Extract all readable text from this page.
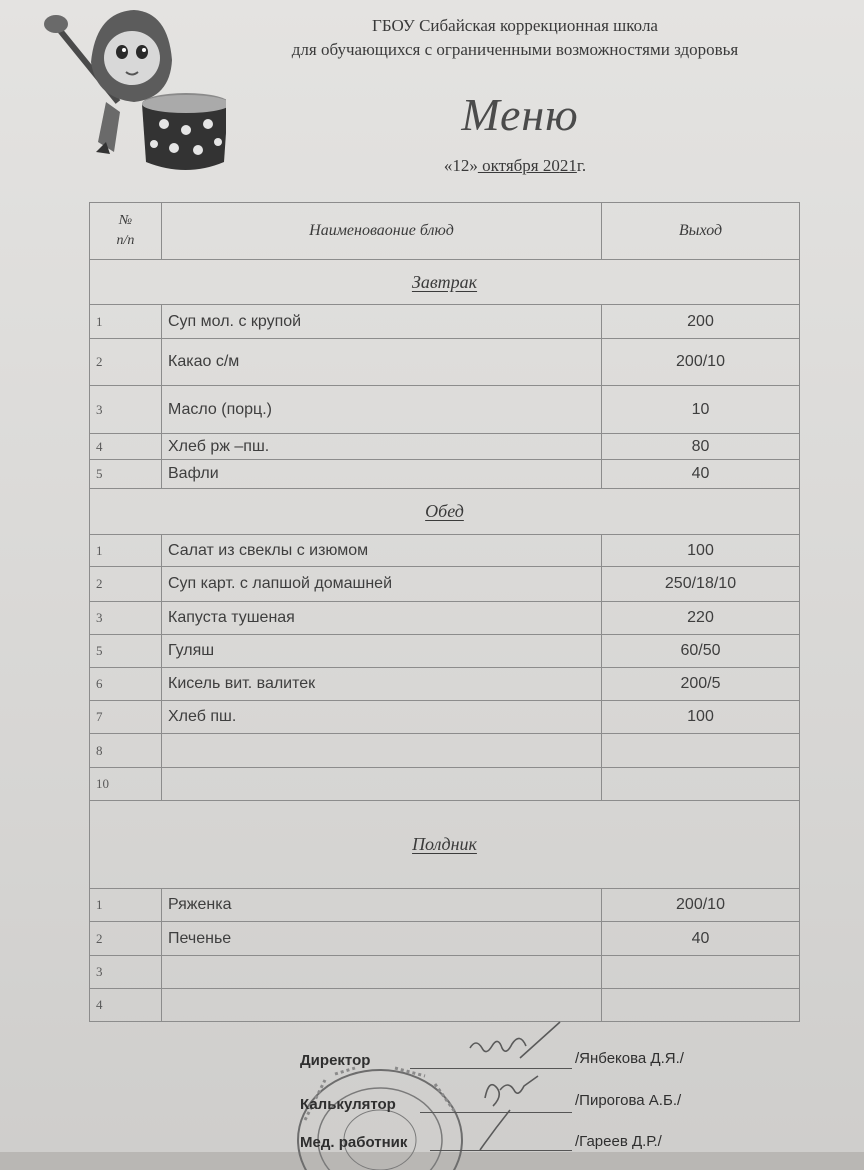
ГБОУ Сибайская коррекционная школа
для обучающихся с ограниченными возможностями здоровья
Меню
«12» октября 2021г.
№
п/п	Наименоваоние блюд	Выход
Завтрак		
1	Суп мол. с крупой	200
2	Какао с/м	200/10
3	Масло (порц.)	10
4	Хлеб рж –пш.	80
5	Вафли	40
Обед		
1	Салат из свеклы с изюмом	100
2	Суп карт. с лапшой домашней	250/18/10
3	Капуста тушеная	220
5	Гуляш	60/50
6	Кисель вит. валитек	200/5
7	Хлеб пш.	100
8		
10		
Полдник		
1	Ряженка	200/10
2	Печенье	40
3		
4		
Директор	/Янбекова Д.Я./
Калькулятор	/Пирогова А.Б./
Мед. работник	/Гареев Д.Р./
